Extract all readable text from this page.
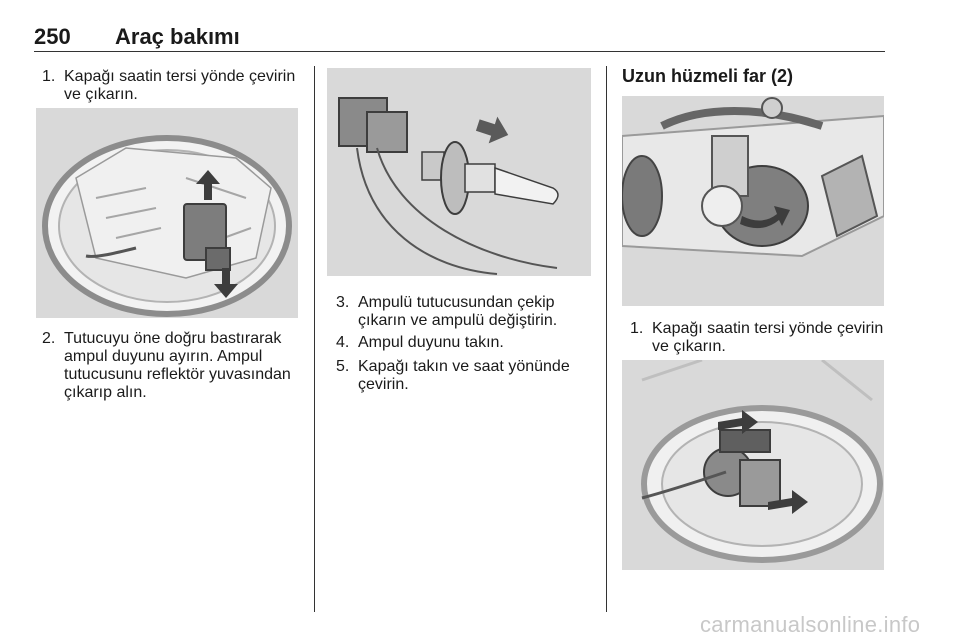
250 Araç bakımı
1. Kapağı saatin tersi yönde çevirin
ve çıkarın.
2. Tutucuyu öne doğru bastırarak
ampul duyunu ayırın. Ampul
tutucusunu reflektör yuvasından
çıkarıp alın.
3. Ampulü tutucusundan çekip
çıkarın ve ampulü değiştirin.
4. Ampul duyunu takın.
5. Kapağı takın ve saat yönünde
çevirin.
Uzun hüzmeli far (2)
1. Kapağı saatin tersi yönde çevirin
ve çıkarın.
carmanualsonline.info
